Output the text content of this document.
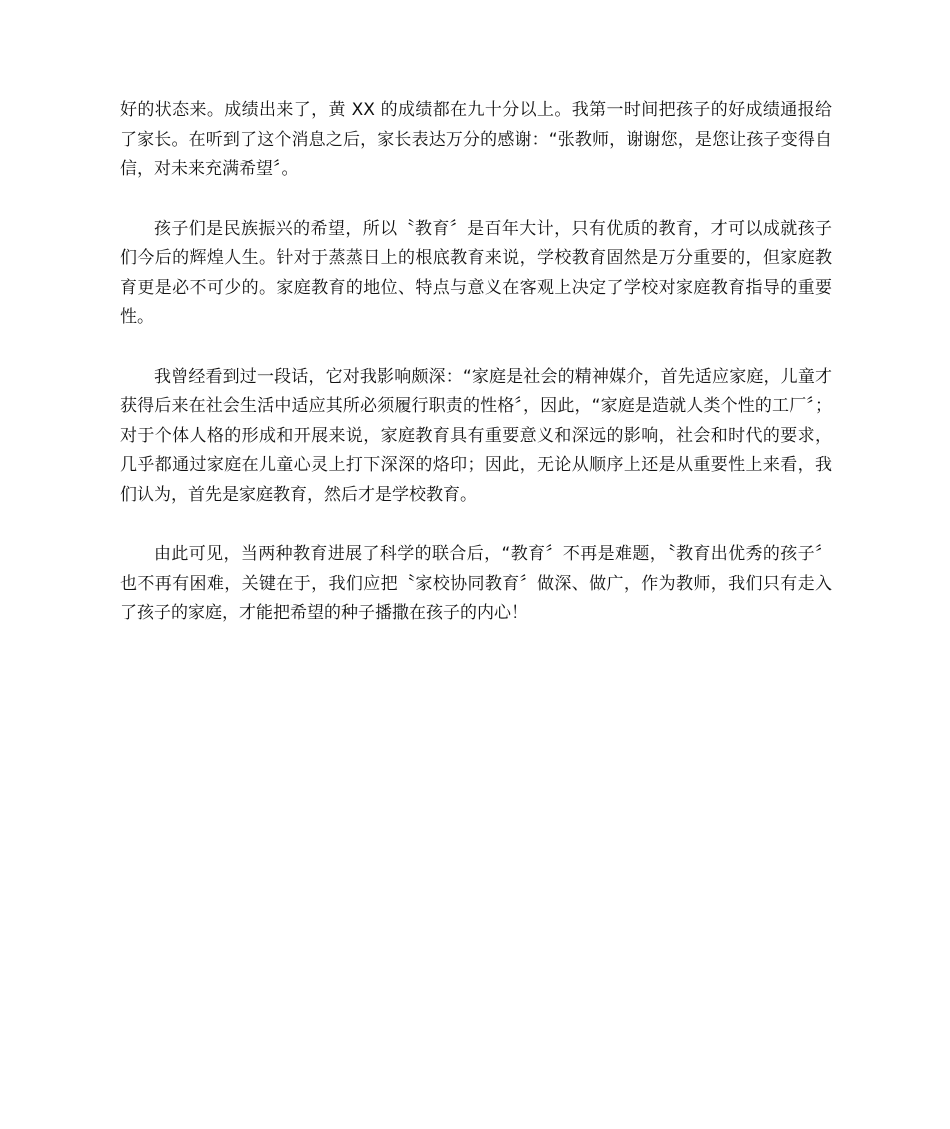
好的状态来。成绩出来了，黄 XX 的成绩都在九十分以上。我第一时间把孩子的好成绩通报给了家长。在听到了这个消息之后，家长表达万分的感谢：“张教师，谢谢您，是您让孩子变得自信，对未来充满希望〞。

孩子们是民族振兴的希望，所以〝教育〞是百年大计，只有优质的教育，才可以成就孩子们今后的辉煌人生。针对于蒸蒸日上的根底教育来说，学校教育固然是万分重要的，但家庭教育更是必不可少的。家庭教育的地位、特点与意义在客观上决定了学校对家庭教育指导的重要性。

我曾经看到过一段话，它对我影响颇深：“家庭是社会的精神媒介，首先适应家庭，儿童才获得后来在社会生活中适应其所必须履行职责的性格〞，因此，“家庭是造就人类个性的工厂〞；对于个体人格的形成和开展来说，家庭教育具有重要意义和深远的影响，社会和时代的要求，几乎都通过家庭在儿童心灵上打下深深的烙印；因此，无论从顺序上还是从重要性上来看，我们认为，首先是家庭教育，然后才是学校教育。

由此可见，当两种教育进展了科学的联合后，“教育〞不再是难题，〝教育出优秀的孩子〞也不再有困难，关键在于，我们应把〝家校协同教育〞做深、做广，作为教师，我们只有走入了孩子的家庭，才能把希望的种子播撒在孩子的内心！
